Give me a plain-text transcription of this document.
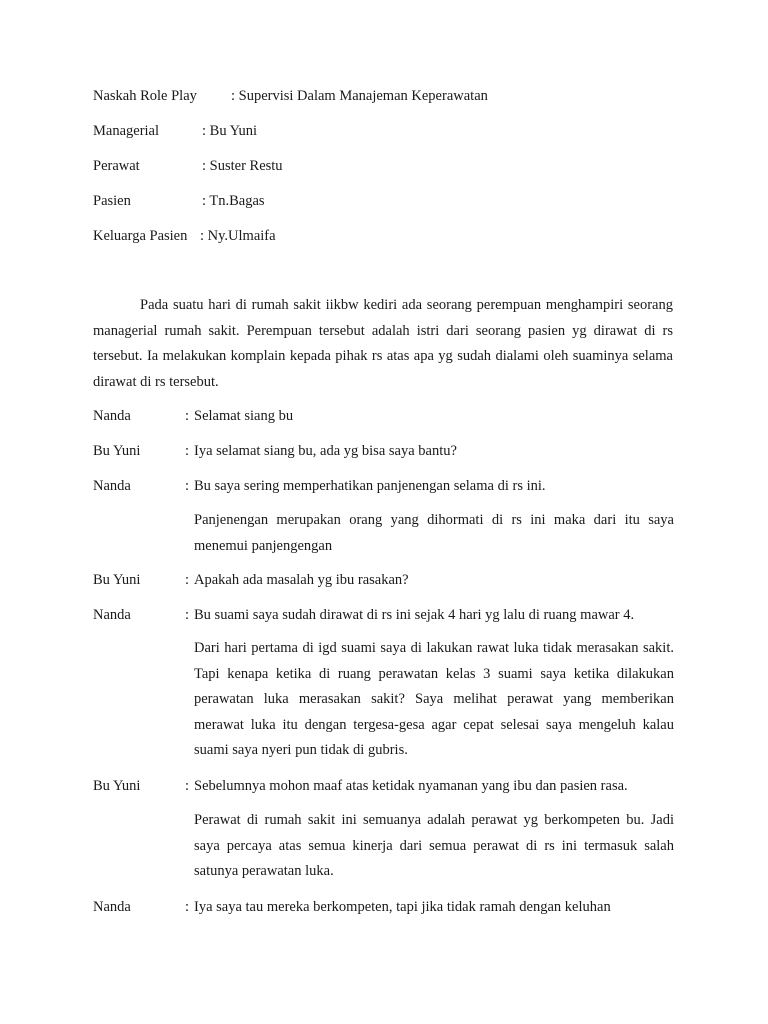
Naskah Role Play : Supervisi Dalam Manajeman Keperawatan
Managerial	: Bu Yuni
Perawat	: Suster Restu
Pasien	: Tn.Bagas
Keluarga Pasien : Ny.Ulmaifa
Pada suatu hari di rumah sakit iikbw kediri ada seorang perempuan menghampiri seorang managerial rumah sakit. Perempuan tersebut adalah istri dari seorang pasien yg dirawat di rs tersebut. Ia melakukan komplain kepada pihak rs atas apa yg sudah dialami oleh suaminya selama dirawat di rs tersebut.
Nanda	: Selamat siang bu
Bu Yuni	: Iya selamat siang bu, ada yg bisa saya bantu?
Nanda	: Bu saya sering memperhatikan panjenengan selama di rs ini.
Panjenengan merupakan orang yang dihormati di rs ini maka dari itu saya menemui panjengengan
Bu Yuni	: Apakah ada masalah yg ibu rasakan?
Nanda	: Bu suami saya sudah dirawat di rs ini sejak 4 hari yg lalu di ruang mawar 4.
Dari hari pertama di igd suami saya di lakukan rawat luka tidak merasakan sakit. Tapi kenapa ketika di ruang perawatan kelas 3 suami saya ketika dilakukan perawatan luka merasakan sakit? Saya melihat perawat yang memberikan merawat luka itu dengan tergesa-gesa agar cepat selesai saya mengeluh kalau suami saya nyeri pun tidak di gubris.
Bu Yuni	: Sebelumnya mohon maaf atas ketidak nyamanan yang ibu dan pasien rasa.
Perawat di rumah sakit ini semuanya adalah perawat yg berkompeten bu. Jadi saya percaya atas semua kinerja dari semua perawat di rs ini termasuk salah satunya perawatan luka.
Nanda	: Iya saya tau mereka berkompeten, tapi jika tidak ramah dengan keluhan
